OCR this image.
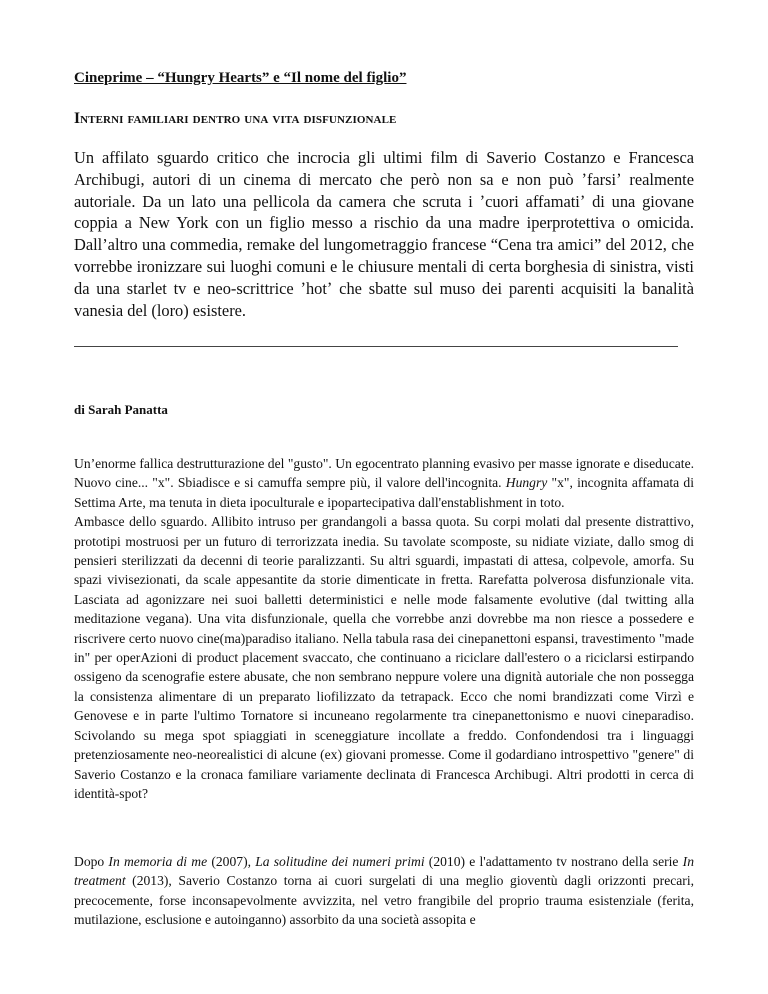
Cineprime – “Hungry Hearts” e “Il nome del figlio”
Interni familiari dentro una vita disfunzionale

Un affilato sguardo critico che incrocia gli ultimi film di Saverio Costanzo e Francesca Archibugi, autori di un cinema di mercato che però non sa e non può ʼfarsiʼ realmente autoriale. Da un lato una pellicola da camera che scruta i ʼcuori affamatiʼ di una giovane coppia a New York con un figlio messo a rischio da una madre iperprotettiva o omicida. Dall’altro una commedia, remake del lungometraggio francese “Cena tra amici” del 2012, che vorrebbe ironizzare sui luoghi comuni e le chiusure mentali di certa borghesia di sinistra, visti da una starlet tv e neo-scrittrice ʼhotʼ che sbatte sul muso dei parenti acquisiti la banalità vanesia del (loro) esistere.

di Sarah Panatta

Un’enorme fallica destrutturazione del "gusto". Un egocentrato planning evasivo per masse ignorate e diseducate. Nuovo cine... "x". Sbiadisce e si camuffa sempre più, il valore dell'incognita. Hungry "x", incognita affamata di Settima Arte, ma tenuta in dieta ipoculturale e ipopartecipativa dall'enstablishment in toto.
Ambasce dello sguardo. Allibito intruso per grandangoli a bassa quota. Su corpi molati dal presente distrattivo, prototipi mostruosi per un futuro di terrorizzata inedia. Su tavolate scomposte, su nidiate viziate, dallo smog di pensieri sterilizzati da decenni di teorie paralizzanti. Su altri sguardi, impastati di attesa, colpevole, amorfa. Su spazi vivisezionati, da scale appesantite da storie dimenticate in fretta. Rarefatta polverosa disfunzionale vita. Lasciata ad agonizzare nei suoi balletti deterministici e nelle mode falsamente evolutive (dal twitting alla meditazione vegana). Una vita disfunzionale, quella che vorrebbe anzi dovrebbe ma non riesce a possedere e riscrivere certo nuovo cine(ma)paradiso italiano. Nella tabula rasa dei cinepanettoni espansi, travestimento "made in" per operAzioni di product placement svaccato, che continuano a riciclare dall'estero o a riciclarsi estirpando ossigeno da scenografie estere abusate, che non sembrano neppure volere una dignità autoriale che non possegga la consistenza alimentare di un preparato liofilizzato da tetrapack. Ecco che nomi brandizzati come Virzì e Genovese e in parte l'ultimo Tornatore si incuneano regolarmente tra cinepanettonismo e nuovi cineparadiso. Scivolando su mega spot spiaggiati in sceneggiature incollate a freddo. Confondendosi tra i linguaggi pretenziosamente neo-neorealistici di alcune (ex) giovani promesse. Come il godardiano introspettivo "genere" di Saverio Costanzo e la cronaca familiare variamente declinata di Francesca Archibugi. Altri prodotti in cerca di identità-spot?

Dopo In memoria di me (2007), La solitudine dei numeri primi (2010) e l'adattamento tv nostrano della serie In treatment (2013), Saverio Costanzo torna ai cuori surgelati di una meglio gioventù dagli orizzonti precari, precocemente, forse inconsapevolmente avvizzita, nel vetro frangibile del proprio trauma esistenziale (ferita, mutilazione, esclusione e autoinganno) assorbito da una società assopita e
